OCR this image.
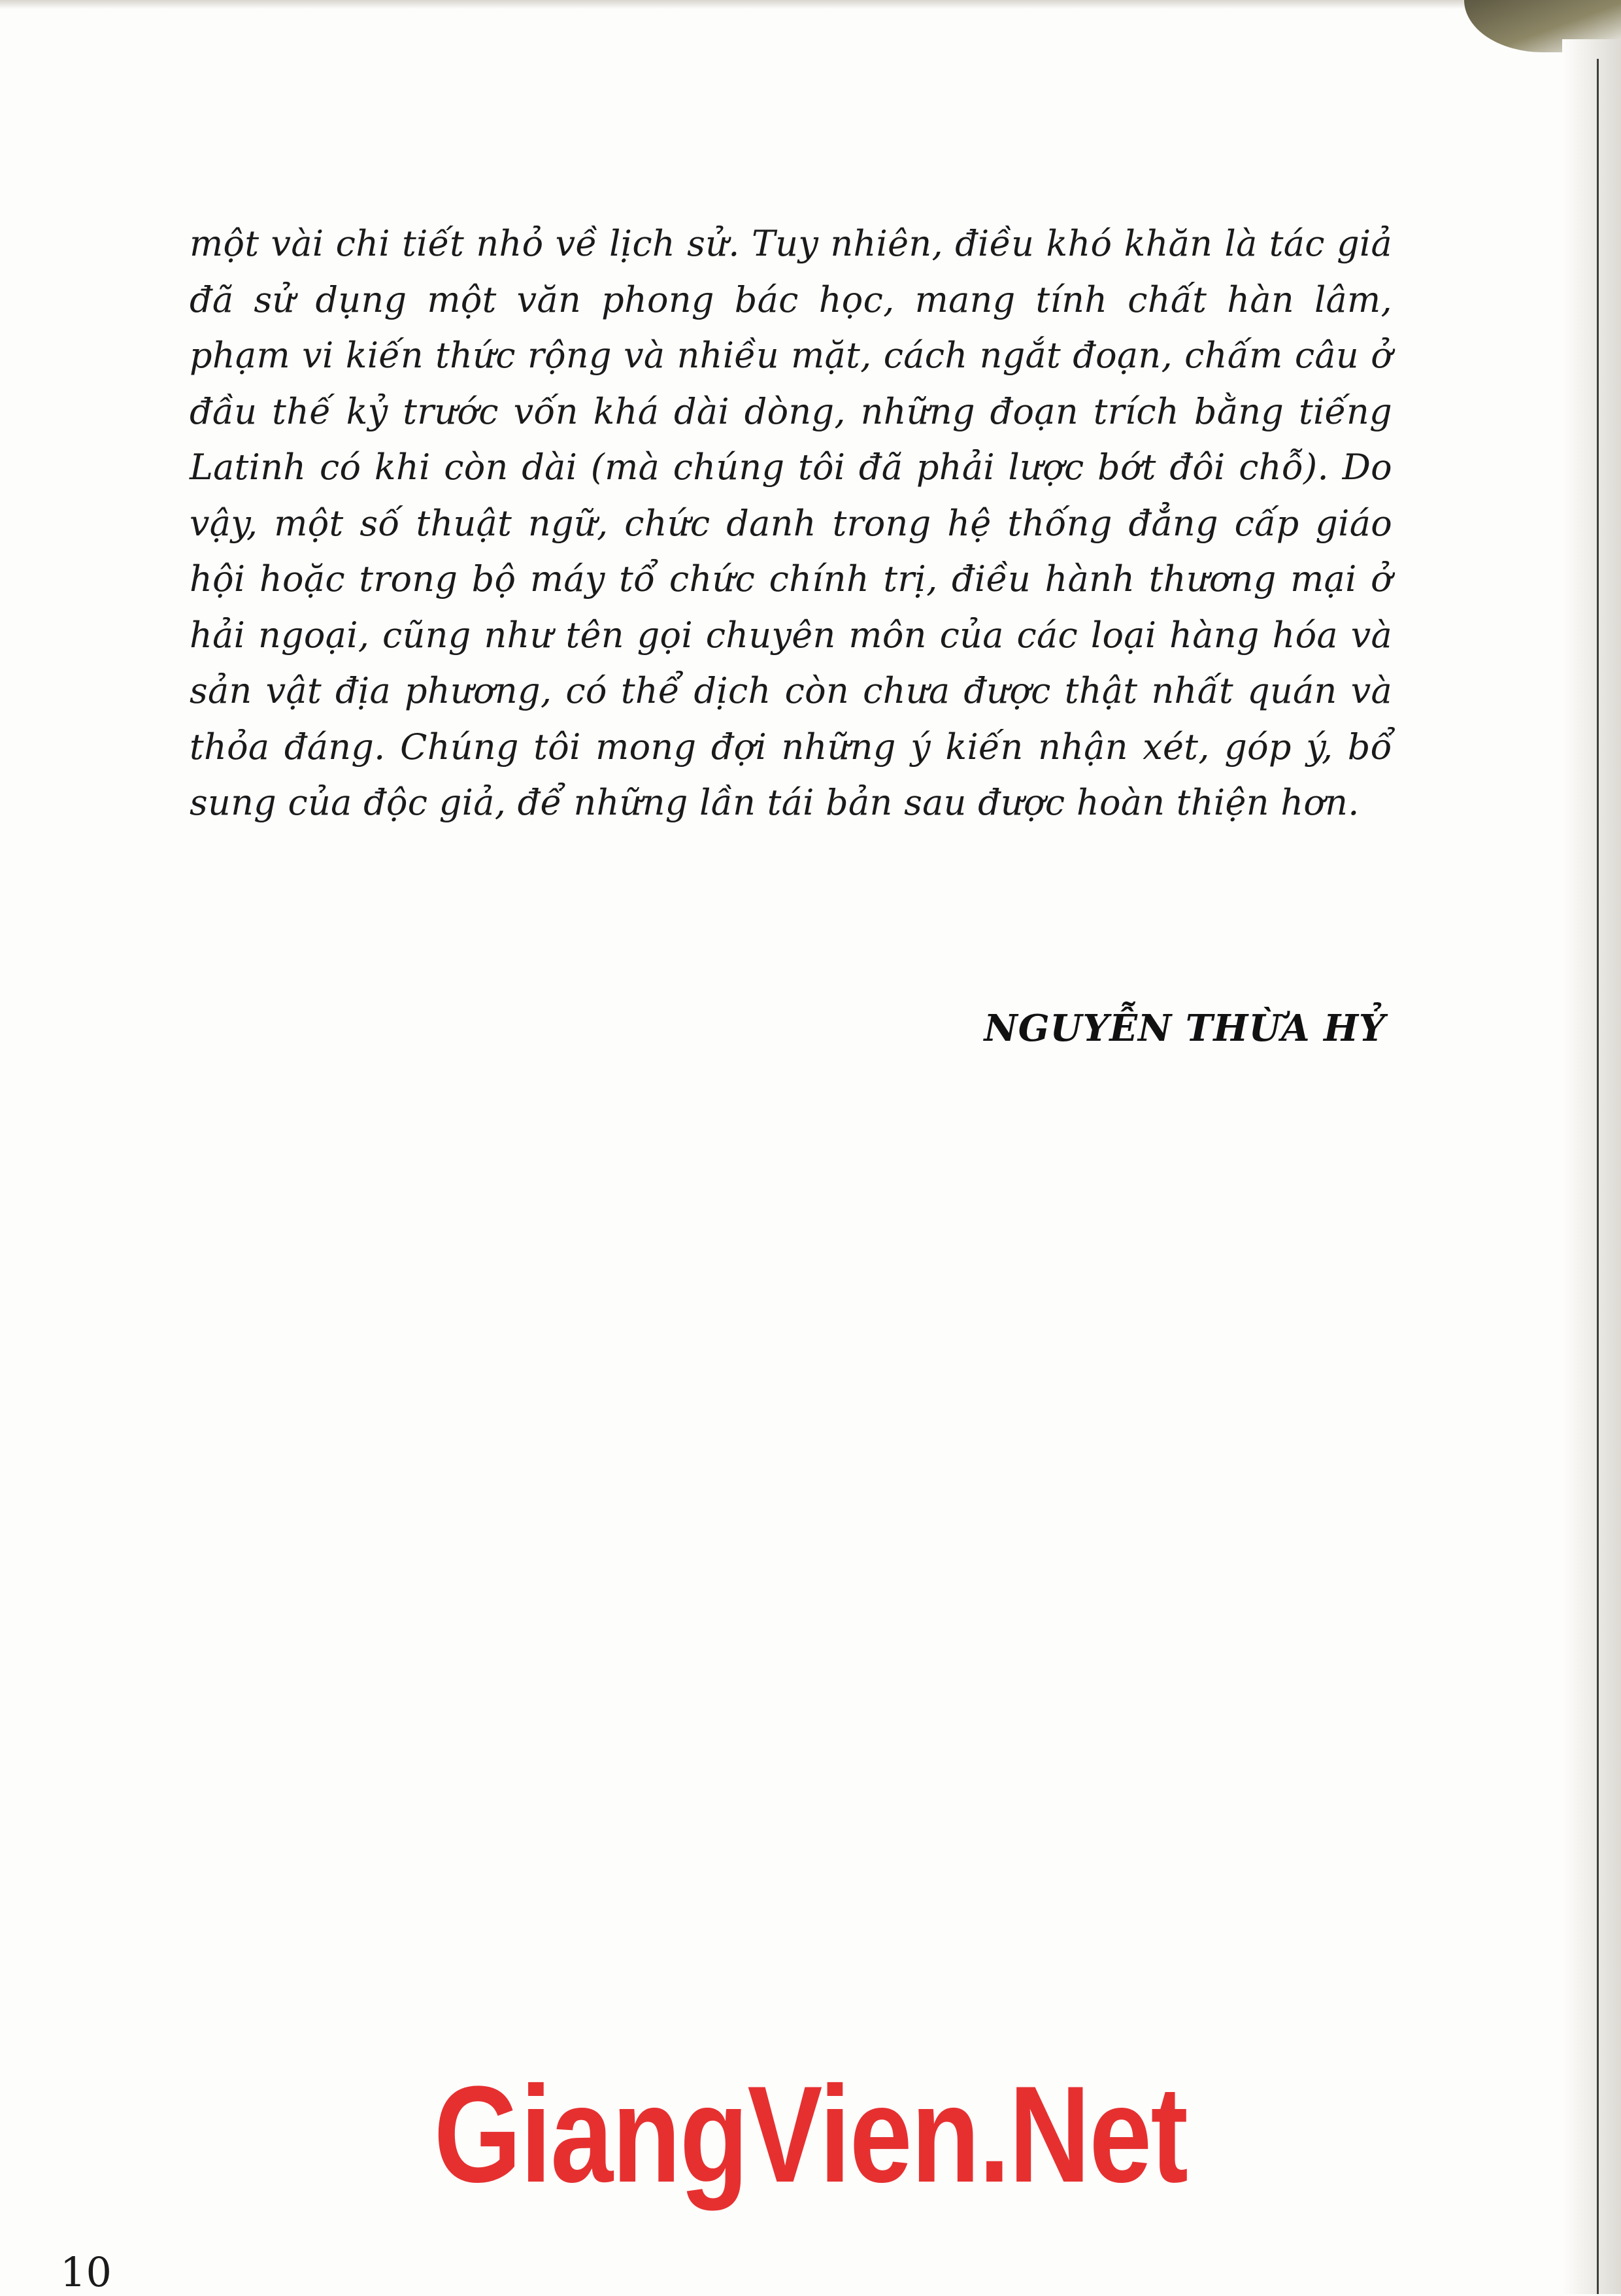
một vài chi tiết nhỏ về lịch sử. Tuy nhiên, điều khó khăn là tác giả đã sử dụng một văn phong bác học, mang tính chất hàn lâm, phạm vi kiến thức rộng và nhiều mặt, cách ngắt đoạn, chấm câu ở đầu thế kỷ trước vốn khá dài dòng, những đoạn trích bằng tiếng Latinh có khi còn dài (mà chúng tôi đã phải lược bớt đôi chỗ). Do vậy, một số thuật ngữ, chức danh trong hệ thống đẳng cấp giáo hội hoặc trong bộ máy tổ chức chính trị, điều hành thương mại ở hải ngoại, cũng như tên gọi chuyên môn của các loại hàng hóa và sản vật địa phương, có thể dịch còn chưa được thật nhất quán và thỏa đáng. Chúng tôi mong đợi những ý kiến nhận xét, góp ý, bổ sung của độc giả, để những lần tái bản sau được hoàn thiện hơn.

NGUYỄN THỪA HỶ

GiangVien.Net
10
